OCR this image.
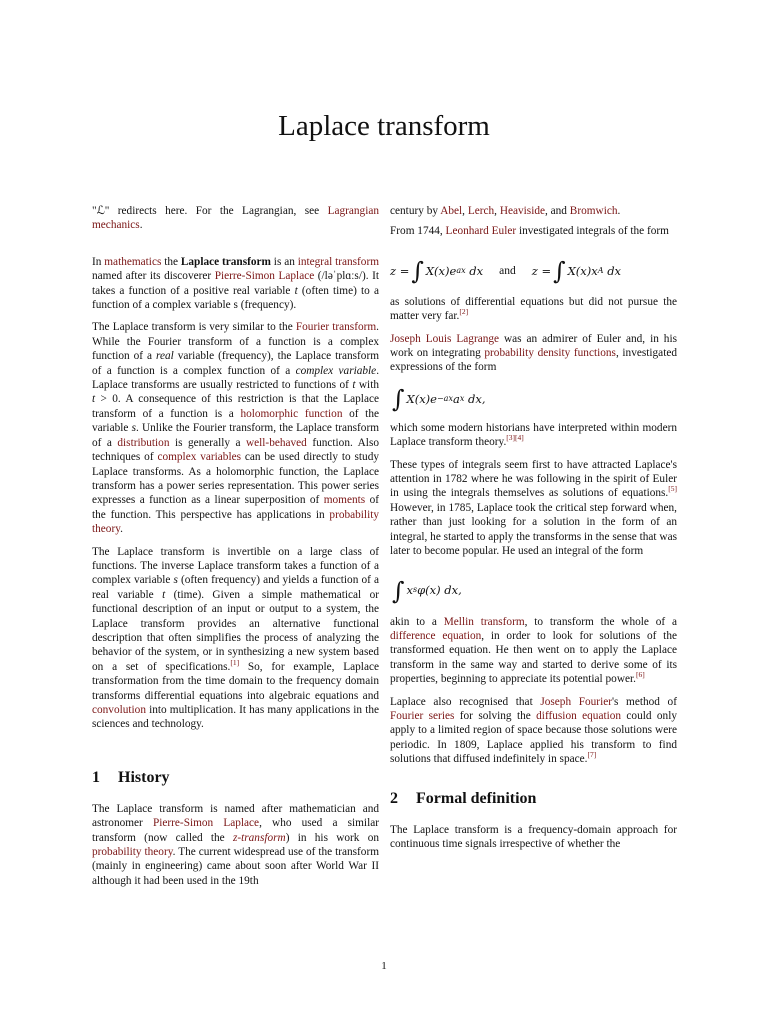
Laplace transform

"ℒ" redirects here. For the Lagrangian, see Lagrangian mechanics.

In mathematics the Laplace transform is an integral transform named after its discoverer Pierre-Simon Laplace (/ləˈplɑːs/). It takes a function of a positive real variable t (often time) to a function of a complex variable s (frequency).

The Laplace transform is very similar to the Fourier transform. While the Fourier transform of a function is a complex function of a real variable (frequency), the Laplace transform of a function is a complex function of a complex variable. Laplace transforms are usually restricted to functions of t with t > 0. A consequence of this restriction is that the Laplace transform of a function is a holomorphic function of the variable s. Unlike the Fourier transform, the Laplace transform of a distribution is generally a well-behaved function. Also techniques of complex variables can be used directly to study Laplace transforms. As a holomorphic function, the Laplace transform has a power series representation. This power series expresses a function as a linear superposition of moments of the function. This perspective has applications in probability theory.

The Laplace transform is invertible on a large class of functions. The inverse Laplace transform takes a function of a complex variable s (often frequency) and yields a function of a real variable t (time). Given a simple mathematical or functional description of an input or output to a system, the Laplace transform provides an alternative functional description that often simplifies the process of analyzing the behavior of the system, or in synthesizing a new system based on a set of specifications.[1] So, for example, Laplace transformation from the time domain to the frequency domain transforms differential equations into algebraic equations and convolution into multiplication. It has many applications in the sciences and technology.

1 History

The Laplace transform is named after mathematician and astronomer Pierre-Simon Laplace, who used a similar transform (now called the z-transform) in his work on probability theory. The current widespread use of the transform (mainly in engineering) came about soon after World War II although it had been used in the 19th

century by Abel, Lerch, Heaviside, and Bromwich.

From 1744, Leonhard Euler investigated integrals of the form

z = ∫ X(x)e ax
dx and z = ∫ X(x)x A
dx

as solutions of differential equations but did not pursue the matter very far.[2]

Joseph Louis Lagrange was an admirer of Euler and, in his work on integrating probability density functions, investigated expressions of the form

∫ X(x)e −ax a x
dx,

which some modern historians have interpreted within modern Laplace transform theory.[3][4]

These types of integrals seem first to have attracted Laplace's attention in 1782 where he was following in the spirit of Euler in using the integrals themselves as solutions of equations.[5] However, in 1785, Laplace took the critical step forward when, rather than just looking for a solution in the form of an integral, he started to apply the transforms in the sense that was later to become popular. He used an integral of the form

∫ x s φ(x) dx,

akin to a Mellin transform, to transform the whole of a difference equation, in order to look for solutions of the transformed equation. He then went on to apply the Laplace transform in the same way and started to derive some of its properties, beginning to appreciate its potential power.[6]

Laplace also recognised that Joseph Fourier's method of Fourier series for solving the diffusion equation could only apply to a limited region of space because those solutions were periodic. In 1809, Laplace applied his transform to find solutions that diffused indefinitely in space.[7]

2 Formal definition

The Laplace transform is a frequency-domain approach for continuous time signals irrespective of whether the

1
